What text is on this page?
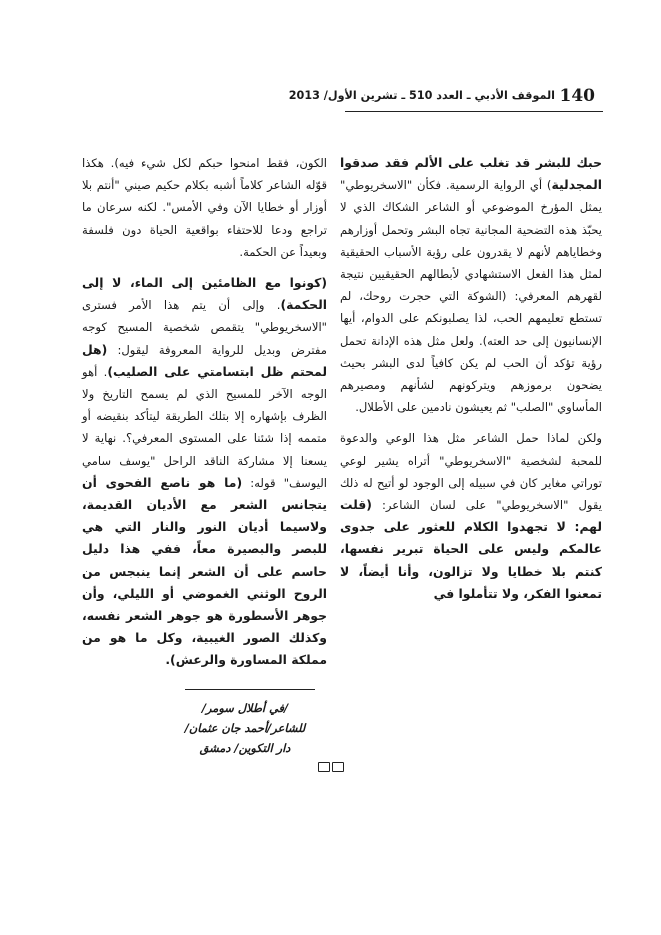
140
الموقف الأدبي ـ العدد 510 ـ تشرين الأول/ 2013

حبك للبشر قد تغلب على الألم فقد صدقوا المجدلية) أي الرواية الرسمية. فكأن "الاسخريوطي" يمثل المؤرخ الموضوعي أو الشاعر الشكاك الذي لا يحبّذ هذه التضحية المجانية تجاه البشر وتحمل أوزارهم وخطاياهم لأنهم لا يقدرون على رؤية الأسباب الحقيقية لمثل هذا الفعل الاستشهادي لأبطالهم الحقيقيين نتيجة لقهرهم المعرفي: (الشوكة التي حجرت روحك، لم تستطع تعليمهم الحب، لذا يصلبونكم على الدوام، أيها الإنسانيون إلى حد العته). ولعل مثل هذه الإدانة تحمل رؤية تؤكد أن الحب لم يكن كافياً لدى البشر بحيث يضحون برموزهم ويتركونهم لشأنهم ومصيرهم المأساوي "الصلب" ثم يعيشون نادمين على الأطلال.

ولكن لماذا حمل الشاعر مثل هذا الوعي والدعوة للمحبة لشخصية "الاسخريوطي" أتراه يشير لوعي توراتي مغاير كان في سبيله إلى الوجود لو أتيح له ذلك يقول "الاسخريوطي" على لسان الشاعر: (قلت لهم: لا تجهدوا الكلام للعثور على جدوى عالمكم وليس على الحياة تبرير نفسها، كنتم بلا خطايا ولا تزالون، وأنا أيضاً، لا تمعنوا الفكر، ولا تتأملوا في

الكون، فقط امنحوا حبكم لكل شيء فيه). هكذا قوّله الشاعر كلاماً أشبه بكلام حكيم صيني "أنتم بلا أوزار أو خطايا الآن وفي الأمس". لكنه سرعان ما تراجع ودعا للاحتفاء بواقعية الحياة دون فلسفة وبعيداً عن الحكمة.

(كونوا مع الظامئين إلى الماء، لا إلى الحكمة). وإلى أن يتم هذا الأمر فسترى "الاسخريوطي" يتقمص شخصية المسيح كوجه مفترض وبديل للرواية المعروفة ليقول: (هل لمحتم ظل ابتسامتي على الصليب). أهو الوجه الآخر للمسيح الذي لم يسمح التاريخ ولا الظرف بإشهاره إلا بتلك الطريقة ليتأكد بنقيضه أو متممه إذا شئنا على المستوى المعرفي؟. نهاية لا يسعنا إلا مشاركة الناقد الراحل "يوسف سامي اليوسف" قوله: (ما هو ناصع الفحوى أن يتجانس الشعر مع الأديان القديمة، ولاسيما أديان النور والنار التي هي للبصر والبصيرة معاً، ففي هذا دليل حاسم على أن الشعر إنما ينبجس من الروح الوثني الغموضي أو الليلي، وأن جوهر الأسطورة هو جوهر الشعر نفسه، وكذلك الصور الغيبية، وكل ما هو من مملكة المساورة والرعش).

/في أطلال سومر/
للشاعر/أحمد جان عثمان/
دار التكوين/ دمشق
